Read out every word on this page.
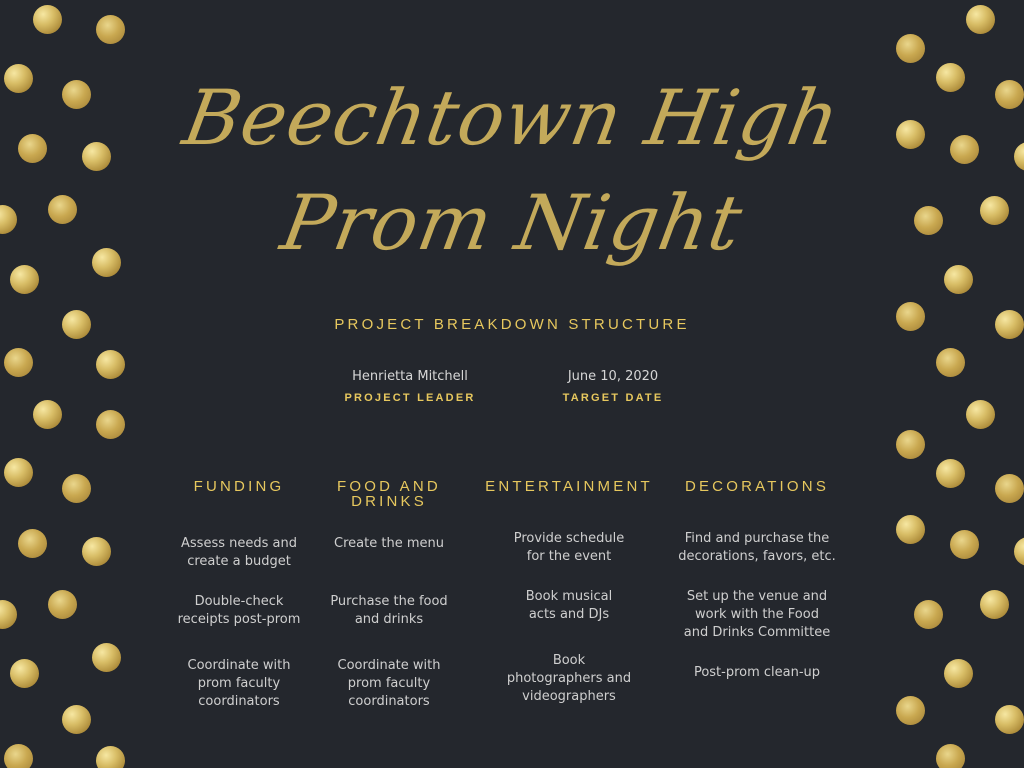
Beechtown High
Prom Night
PROJECT BREAKDOWN STRUCTURE
Henrietta Mitchell
PROJECT LEADER
June 10, 2020
TARGET DATE
FUNDING
Assess needs and
create a budget
Double-check
receipts post-prom
Coordinate with
prom faculty
coordinators
FOOD AND
DRINKS
Create the menu
Purchase the food
and drinks
Coordinate with
prom faculty
coordinators
ENTERTAINMENT
Provide schedule
for the event
Book musical
acts and DJs
Book
photographers and
videographers
DECORATIONS
Find and purchase the
decorations, favors, etc.
Set up the venue and
work with the Food
and Drinks Committee
Post-prom clean-up
